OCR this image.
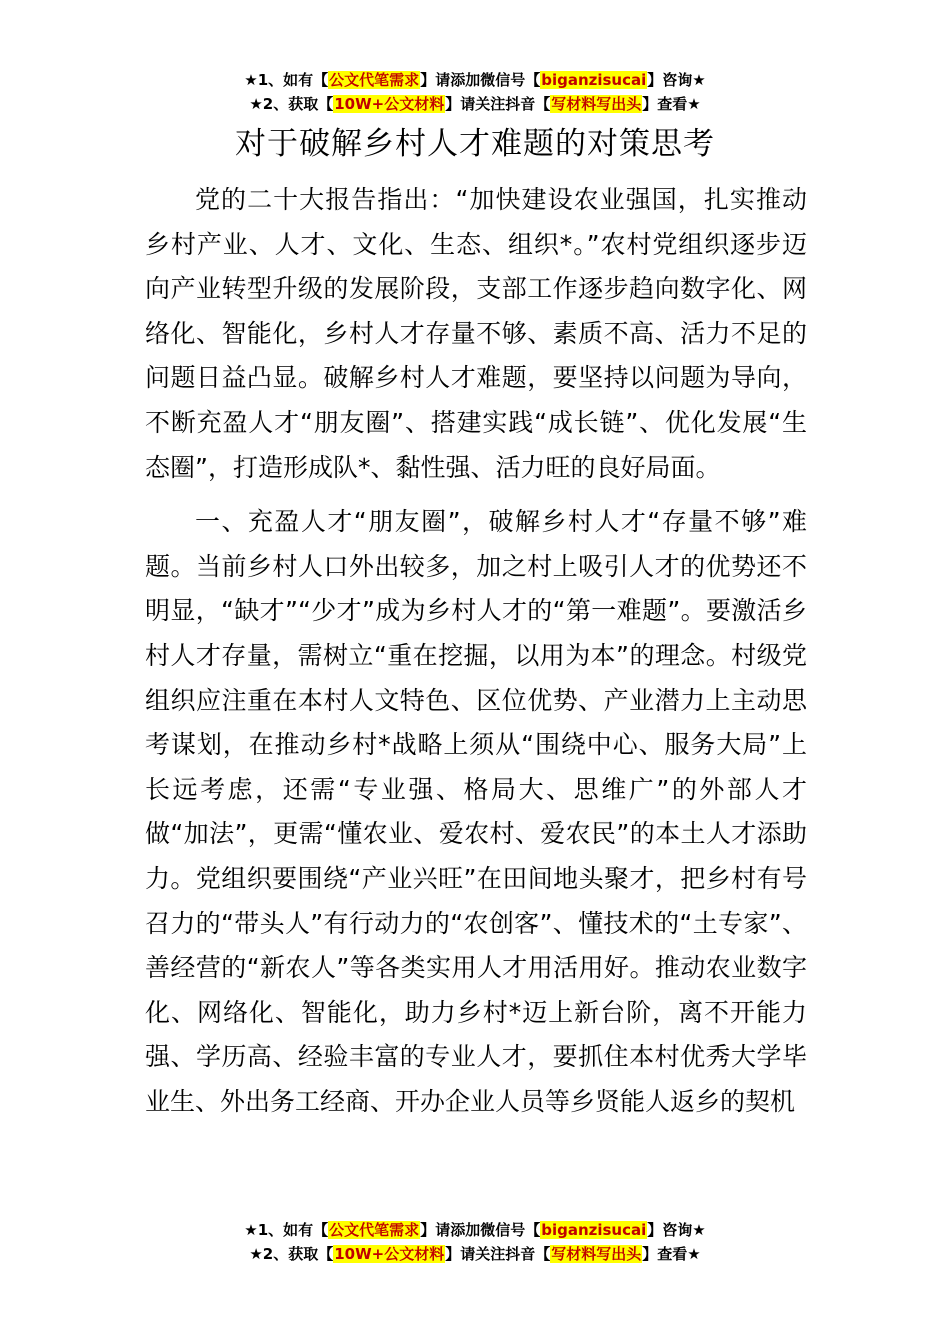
★1、如有【公文代笔需求】请添加微信号【biganzisucai】咨询★
★2、获取【10W+公文材料】请关注抖音【写材料写出头】查看★
对于破解乡村人才难题的对策思考

党的二十大报告指出：“加快建设农业强国，扎实推动乡村产业、人才、文化、生态、组织*。”农村党组织逐步迈向产业转型升级的发展阶段，支部工作逐步趋向数字化、网络化、智能化，乡村人才存量不够、素质不高、活力不足的问题日益凸显。破解乡村人才难题，要坚持以问题为导向，不断充盈人才“朋友圈”、搭建实践“成长链”、优化发展“生态圈”，打造形成队*、黏性强、活力旺的良好局面。

一、充盈人才“朋友圈”，破解乡村人才“存量不够”难题。当前乡村人口外出较多，加之村上吸引人才的优势还不明显，“缺才”“少才”成为乡村人才的“第一难题”。要激活乡村人才存量，需树立“重在挖掘，以用为本”的理念。村级党组织应注重在本村人文特色、区位优势、产业潜力上主动思考谋划，在推动乡村*战略上须从“围绕中心、服务大局”上长远考虑，还需“专业强、格局大、思维广”的外部人才做“加法”，更需“懂农业、爱农村、爱农民”的本土人才添助力。党组织要围绕“产业兴旺”在田间地头聚才，把乡村有号召力的“带头人”有行动力的“农创客”、懂技术的“土专家”、善经营的“新农人”等各类实用人才用活用好。推动农业数字化、网络化、智能化，助力乡村*迈上新台阶，离不开能力强、学历高、经验丰富的专业人才，要抓住本村优秀大学毕业生、外出务工经商、开办企业人员等乡贤能人返乡的契机

★1、如有【公文代笔需求】请添加微信号【biganzisucai】咨询★
★2、获取【10W+公文材料】请关注抖音【写材料写出头】查看★
